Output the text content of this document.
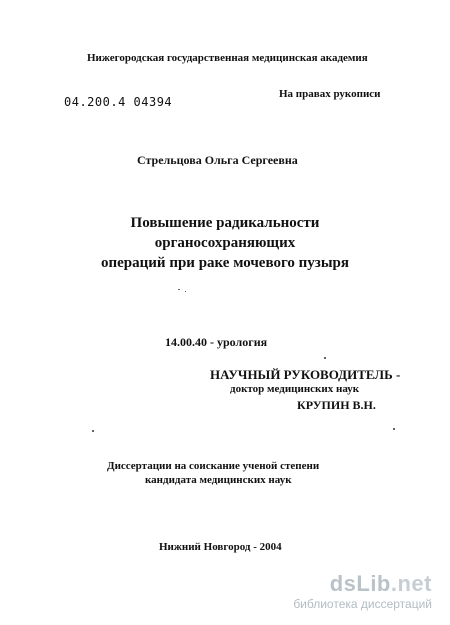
Нижегородская государственная медицинская академия
04.200.4 04394
На правах рукописи
Стрельцова Ольга Сергеевна
Повышение радикальности
органосохраняющих
операций при раке мочевого пузыря
14.00.40 - урология
НАУЧНЫЙ РУКОВОДИТЕЛЬ -
доктор медицинских наук
КРУПИН В.Н.
Диссертации на соискание ученой степени
кандидата медицинских наук
Нижний Новгород - 2004
dsLib.net
библиотека диссертаций
